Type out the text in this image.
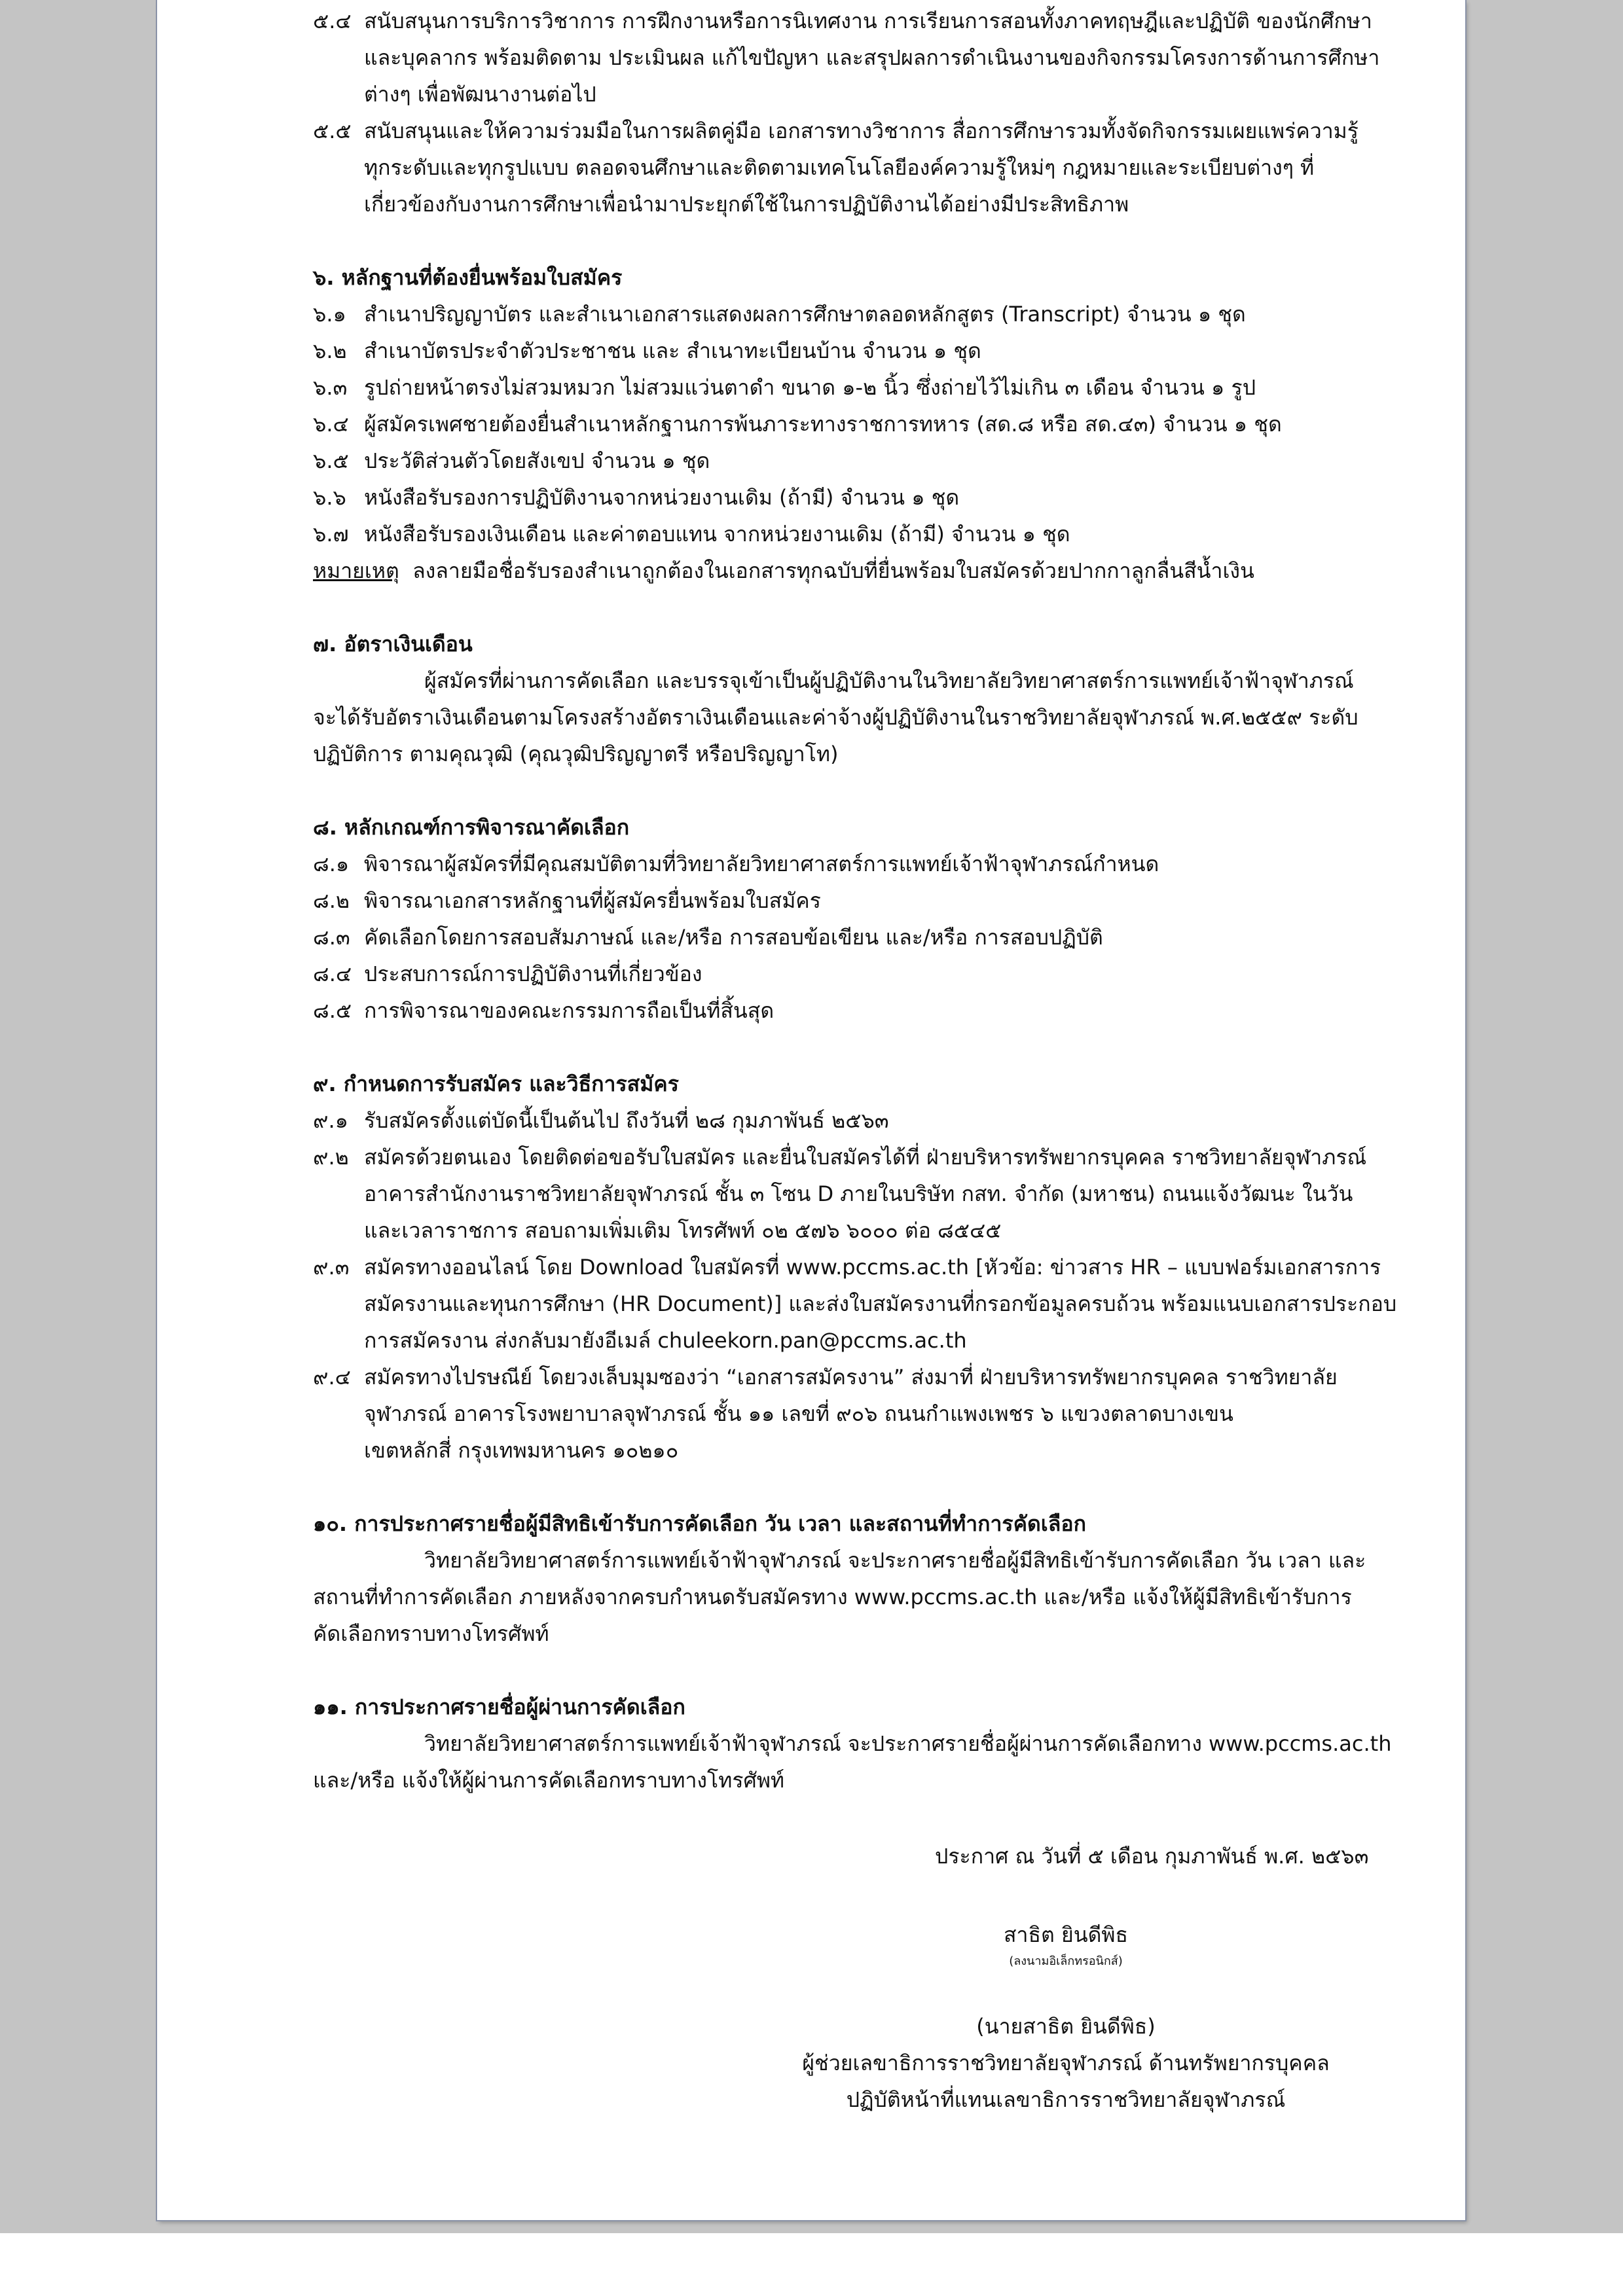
๕.๔ สนับสนุนการบริการวิชาการ การฝึกงานหรือการนิเทศงาน การเรียนการสอนทั้งภาคทฤษฎีและปฏิบัติ ของนักศึกษา
และบุคลากร พร้อมติดตาม ประเมินผล แก้ไขปัญหา และสรุปผลการดำเนินงานของกิจกรรมโครงการด้านการศึกษา
ต่างๆ เพื่อพัฒนางานต่อไป
๕.๕ สนับสนุนและให้ความร่วมมือในการผลิตคู่มือ เอกสารทางวิชาการ สื่อการศึกษารวมทั้งจัดกิจกรรมเผยแพร่ความรู้
ทุกระดับและทุกรูปแบบ ตลอดจนศึกษาและติดตามเทคโนโลยีองค์ความรู้ใหม่ๆ กฎหมายและระเบียบต่างๆ ที่
เกี่ยวข้องกับงานการศึกษาเพื่อนำมาประยุกต์ใช้ในการปฏิบัติงานได้อย่างมีประสิทธิภาพ
๖. หลักฐานที่ต้องยื่นพร้อมใบสมัคร
๖.๑ สำเนาปริญญาบัตร และสำเนาเอกสารแสดงผลการศึกษาตลอดหลักสูตร (Transcript) จำนวน ๑ ชุด
๖.๒ สำเนาบัตรประจำตัวประชาชน และ สำเนาทะเบียนบ้าน จำนวน ๑ ชุด
๖.๓ รูปถ่ายหน้าตรงไม่สวมหมวก ไม่สวมแว่นตาดำ ขนาด ๑-๒ นิ้ว ซึ่งถ่ายไว้ไม่เกิน ๓ เดือน จำนวน ๑ รูป
๖.๔ ผู้สมัครเพศชายต้องยื่นสำเนาหลักฐานการพ้นภาระทางราชการทหาร (สด.๘ หรือ สด.๔๓) จำนวน ๑ ชุด
๖.๕ ประวัติส่วนตัวโดยสังเขป จำนวน ๑ ชุด
๖.๖ หนังสือรับรองการปฏิบัติงานจากหน่วยงานเดิม (ถ้ามี) จำนวน ๑ ชุด
๖.๗ หนังสือรับรองเงินเดือน และค่าตอบแทน จากหน่วยงานเดิม (ถ้ามี) จำนวน ๑ ชุด
หมายเหตุ ลงลายมือชื่อรับรองสำเนาถูกต้องในเอกสารทุกฉบับที่ยื่นพร้อมใบสมัครด้วยปากกาลูกลื่นสีน้ำเงิน
๗. อัตราเงินเดือน
ผู้สมัครที่ผ่านการคัดเลือก และบรรจุเข้าเป็นผู้ปฏิบัติงานในวิทยาลัยวิทยาศาสตร์การแพทย์เจ้าฟ้าจุฬาภรณ์
จะได้รับอัตราเงินเดือนตามโครงสร้างอัตราเงินเดือนและค่าจ้างผู้ปฏิบัติงานในราชวิทยาลัยจุฬาภรณ์ พ.ศ.๒๕๕๙ ระดับ
ปฏิบัติการ ตามคุณวุฒิ (คุณวุฒิปริญญาตรี หรือปริญญาโท)
๘. หลักเกณฑ์การพิจารณาคัดเลือก
๘.๑ พิจารณาผู้สมัครที่มีคุณสมบัติตามที่วิทยาลัยวิทยาศาสตร์การแพทย์เจ้าฟ้าจุฬาภรณ์กำหนด
๘.๒ พิจารณาเอกสารหลักฐานที่ผู้สมัครยื่นพร้อมใบสมัคร
๘.๓ คัดเลือกโดยการสอบสัมภาษณ์ และ/หรือ การสอบข้อเขียน และ/หรือ การสอบปฏิบัติ
๘.๔ ประสบการณ์การปฏิบัติงานที่เกี่ยวข้อง
๘.๕ การพิจารณาของคณะกรรมการถือเป็นที่สิ้นสุด
๙. กำหนดการรับสมัคร และวิธีการสมัคร
๙.๑ รับสมัครตั้งแต่บัดนี้เป็นต้นไป ถึงวันที่ ๒๘ กุมภาพันธ์ ๒๕๖๓
๙.๒ สมัครด้วยตนเอง โดยติดต่อขอรับใบสมัคร และยื่นใบสมัครได้ที่ ฝ่ายบริหารทรัพยากรบุคคล ราชวิทยาลัยจุฬาภรณ์
อาคารสำนักงานราชวิทยาลัยจุฬาภรณ์ ชั้น ๓ โซน D ภายในบริษัท กสท. จำกัด (มหาชน) ถนนแจ้งวัฒนะ ในวัน
และเวลาราชการ สอบถามเพิ่มเติม โทรศัพท์ ๐๒ ๕๗๖ ๖๐๐๐ ต่อ ๘๕๔๕
๙.๓ สมัครทางออนไลน์ โดย Download ใบสมัครที่ www.pccms.ac.th [หัวข้อ: ข่าวสาร HR – แบบฟอร์มเอกสารการ
สมัครงานและทุนการศึกษา (HR Document)] และส่งใบสมัครงานที่กรอกข้อมูลครบถ้วน พร้อมแนบเอกสารประกอบ
การสมัครงาน ส่งกลับมายังอีเมล์ chuleekorn.pan@pccms.ac.th
๙.๔ สมัครทางไปรษณีย์ โดยวงเล็บมุมซองว่า “เอกสารสมัครงาน” ส่งมาที่ ฝ่ายบริหารทรัพยากรบุคคล ราชวิทยาลัย
จุฬาภรณ์ อาคารโรงพยาบาลจุฬาภรณ์ ชั้น ๑๑ เลขที่ ๙๐๖ ถนนกำแพงเพชร ๖ แขวงตลาดบางเขน
เขตหลักสี่ กรุงเทพมหานคร ๑๐๒๑๐
๑๐. การประกาศรายชื่อผู้มีสิทธิเข้ารับการคัดเลือก วัน เวลา และสถานที่ทำการคัดเลือก
วิทยาลัยวิทยาศาสตร์การแพทย์เจ้าฟ้าจุฬาภรณ์ จะประกาศรายชื่อผู้มีสิทธิเข้ารับการคัดเลือก วัน เวลา และ
สถานที่ทำการคัดเลือก ภายหลังจากครบกำหนดรับสมัครทาง www.pccms.ac.th และ/หรือ แจ้งให้ผู้มีสิทธิเข้ารับการ
คัดเลือกทราบทางโทรศัพท์
๑๑. การประกาศรายชื่อผู้ผ่านการคัดเลือก
วิทยาลัยวิทยาศาสตร์การแพทย์เจ้าฟ้าจุฬาภรณ์ จะประกาศรายชื่อผู้ผ่านการคัดเลือกทาง www.pccms.ac.th
และ/หรือ แจ้งให้ผู้ผ่านการคัดเลือกทราบทางโทรศัพท์
ประกาศ ณ วันที่ ๕ เดือน กุมภาพันธ์ พ.ศ. ๒๕๖๓
สาธิต ยินดีพิธ
(ลงนามอิเล็กทรอนิกส์)
(นายสาธิต ยินดีพิธ)
ผู้ช่วยเลขาธิการราชวิทยาลัยจุฬาภรณ์ ด้านทรัพยากรบุคคล
ปฏิบัติหน้าที่แทนเลขาธิการราชวิทยาลัยจุฬาภรณ์
